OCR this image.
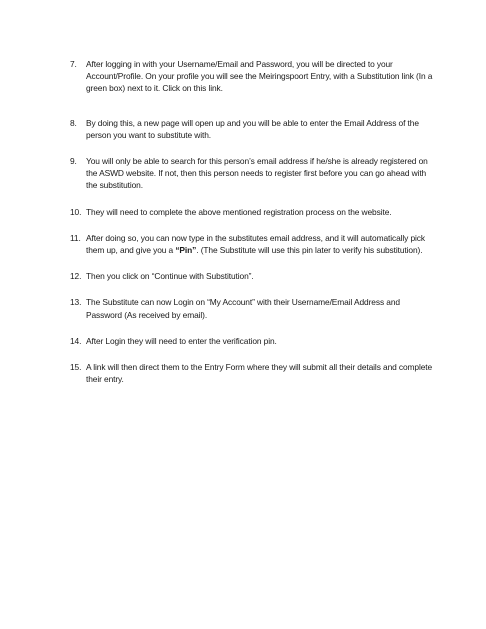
7. After logging in with your Username/Email and Password, you will be directed to your Account/Profile. On your profile you will see the Meiringspoort Entry, with a Substitution link (In a green box) next to it. Click on this link.
8. By doing this, a new page will open up and you will be able to enter the Email Address of the person you want to substitute with.
9. You will only be able to search for this person’s email address if he/she is already registered on the ASWD website. If not, then this person needs to register first before you can go ahead with the substitution.
10. They will need to complete the above mentioned registration process on the website.
11. After doing so, you can now type in the substitutes email address, and it will automatically pick them up, and give you a “Pin”. (The Substitute will use this pin later to verify his substitution).
12. Then you click on “Continue with Substitution”.
13. The Substitute can now Login on “My Account” with their Username/Email Address and Password (As received by email).
14. After Login they will need to enter the verification pin.
15. A link will then direct them to the Entry Form where they will submit all their details and complete their entry.
